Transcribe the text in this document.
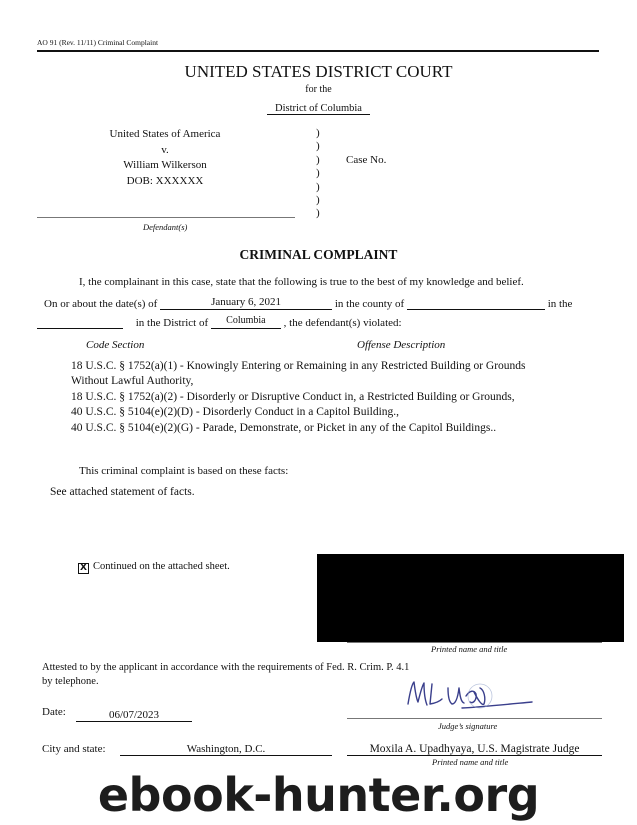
AO 91 (Rev. 11/11) Criminal Complaint
UNITED STATES DISTRICT COURT
for the
District of Columbia
United States of America
v.
William Wilkerson
DOB: XXXXXX
)
)
)
)
)
)
)
Case No.
Defendant(s)
CRIMINAL COMPLAINT
I, the complainant in this case, state that the following is true to the best of my knowledge and belief.
On or about the date(s) of	January 6, 2021	in the county of	in the
in the District of Columbia , the defendant(s) violated:
Code Section	Offense Description
18 U.S.C. § 1752(a)(1) - Knowingly Entering or Remaining in any Restricted Building or Grounds
Without Lawful Authority,
18 U.S.C. § 1752(a)(2) - Disorderly or Disruptive Conduct in, a Restricted Building or Grounds,
40 U.S.C. § 5104(e)(2)(D) - Disorderly Conduct in a Capitol Building.,
40 U.S.C. § 5104(e)(2)(G) - Parade, Demonstrate, or Picket in any of the Capitol Buildings..
This criminal complaint is based on these facts:
See attached statement of facts.
X Continued on the attached sheet.
Printed name and title
Attested to by the applicant in accordance with the requirements of Fed. R. Crim. P. 4.1
by telephone.
Judge’s signature
Date:	06/07/2023
City and state:	Washington, D.C.	Moxila A. Upadhyaya, U.S. Magistrate Judge
Printed name and title
ebook-hunter.org
